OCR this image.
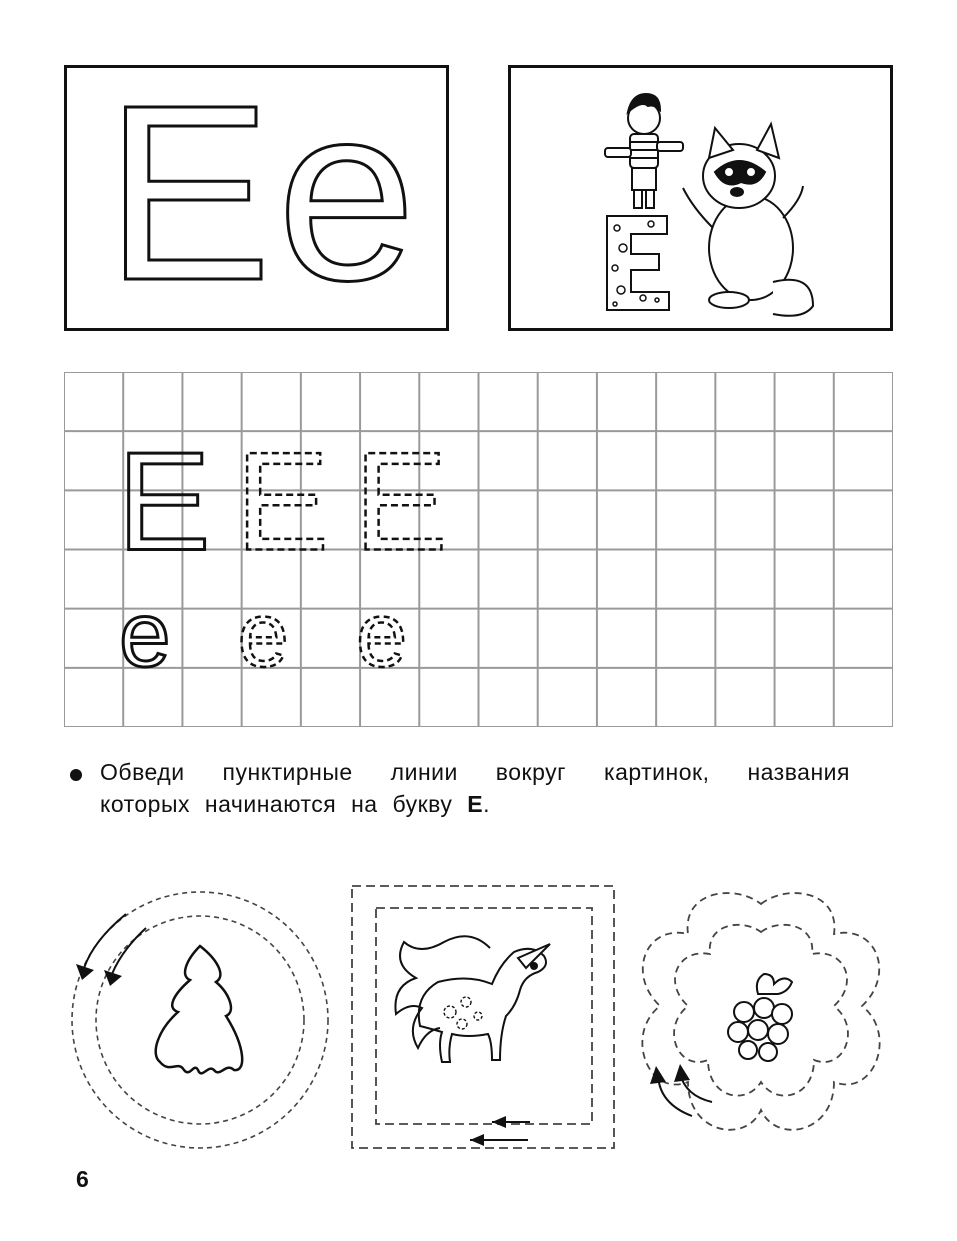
Е е
Е Е Е
е е е
Обведи пунктирные линии вокруг картинок, названия
которых начинаются на букву Е.
6
